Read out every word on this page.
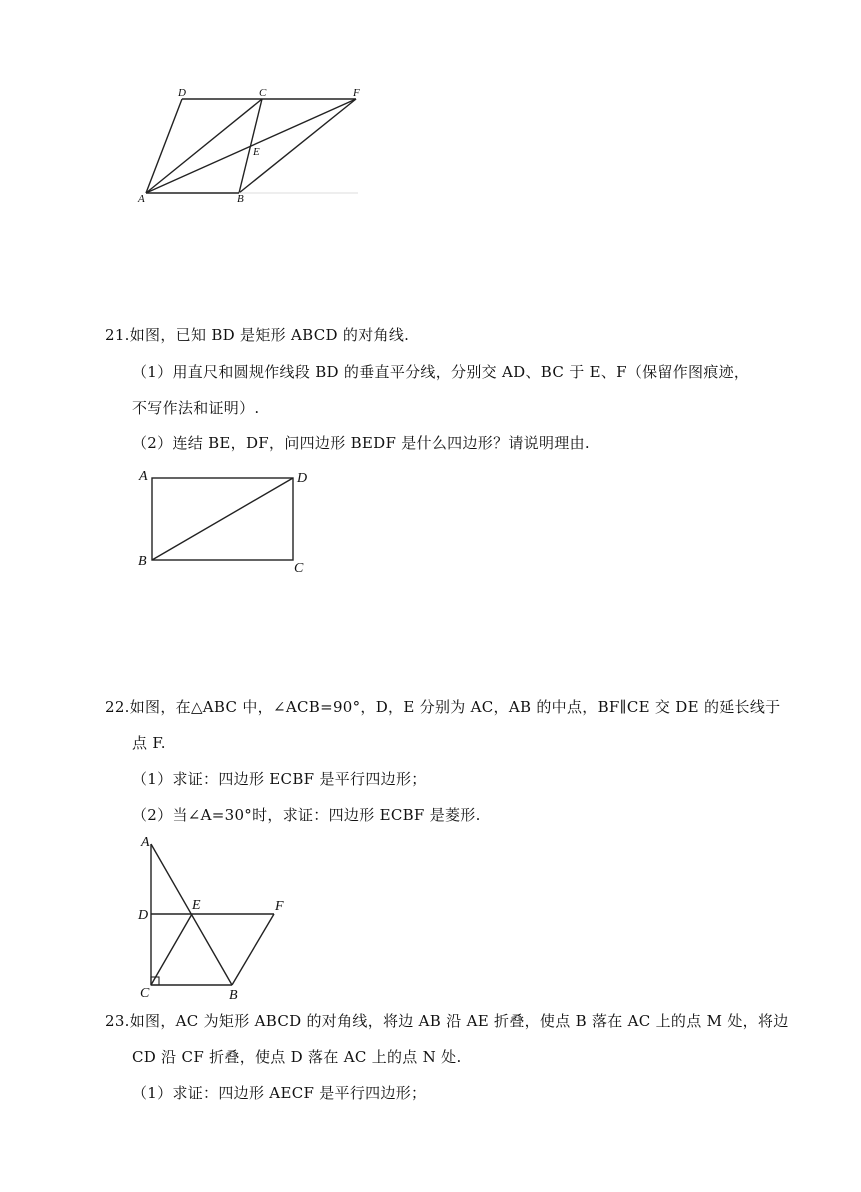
D	C	F
E
A	B
21.如图，已知 BD 是矩形 ABCD 的对角线.
（1）用直尺和圆规作线段 BD 的垂直平分线，分别交 AD、BC 于 E、F（保留作图痕迹，
不写作法和证明）.
（2）连结 BE，DF，问四边形 BEDF 是什么四边形？请说明理由.
A	D
B	C
22.如图，在△ABC 中，∠ACB=90°，D，E 分别为 AC，AB 的中点，BF∥CE 交 DE 的延长线于
点 F.
（1）求证：四边形 ECBF 是平行四边形；
（2）当∠A=30°时，求证：四边形 ECBF 是菱形.
A
D
E	F
C	B
23.如图，AC 为矩形 ABCD 的对角线，将边 AB 沿 AE 折叠，使点 B 落在 AC 上的点 M 处，将边
CD 沿 CF 折叠，使点 D 落在 AC 上的点 N 处.
（1）求证：四边形 AECF 是平行四边形；
